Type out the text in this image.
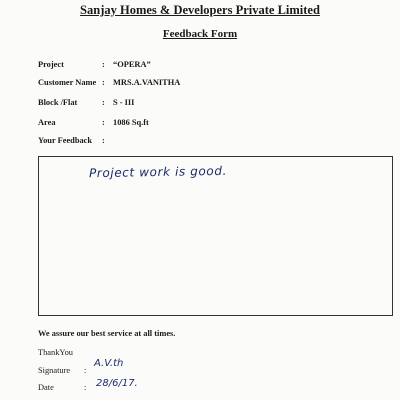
Sanjay Homes & Developers Private Limited
Feedback Form
Project	: “OPERA”
Customer Name : MRS.A.VANITHA
Block /Flat	: S - III
Area	: 1086 Sq.ft
Your Feedback :
Project work is good.
We assure our best service at all times.
ThankYou
Signature :
A.V.th
Date	: 28/6/17.
